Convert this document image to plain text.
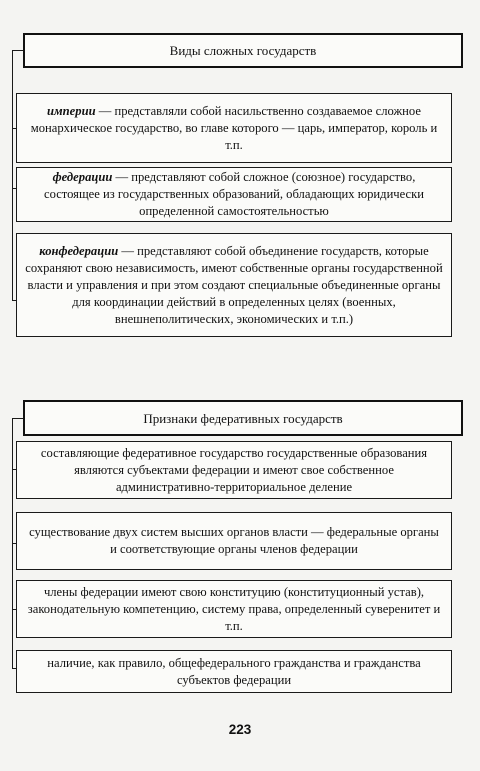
Виды сложных государств

империи — представляли собой насильственно создаваемое сложное монархическое государство, во главе которого — царь, император, король и т.п.

федерации — представляют собой сложное (союзное) государство, состоящее из государственных образований, обладающих юридически определенной самостоятельностью

конфедерации — представляют собой объединение государств, которые сохраняют свою независимость, имеют собственные органы государственной власти и управления и при этом создают специальные объединенные органы для координации действий в определенных целях (военных, внешнеполитических, экономических и т.п.)

Признаки федеративных государств

составляющие федеративное государство государственные образования являются субъектами федерации и имеют свое собственное административно-территориальное деление

существование двух систем высших органов власти — федеральные органы и соответствующие органы членов федерации

члены федерации имеют свою конституцию (конституционный устав), законодательную компетенцию, систему права, определенный суверенитет и т.п.

наличие, как правило, общефедерального гражданства и гражданства субъектов федерации

223
